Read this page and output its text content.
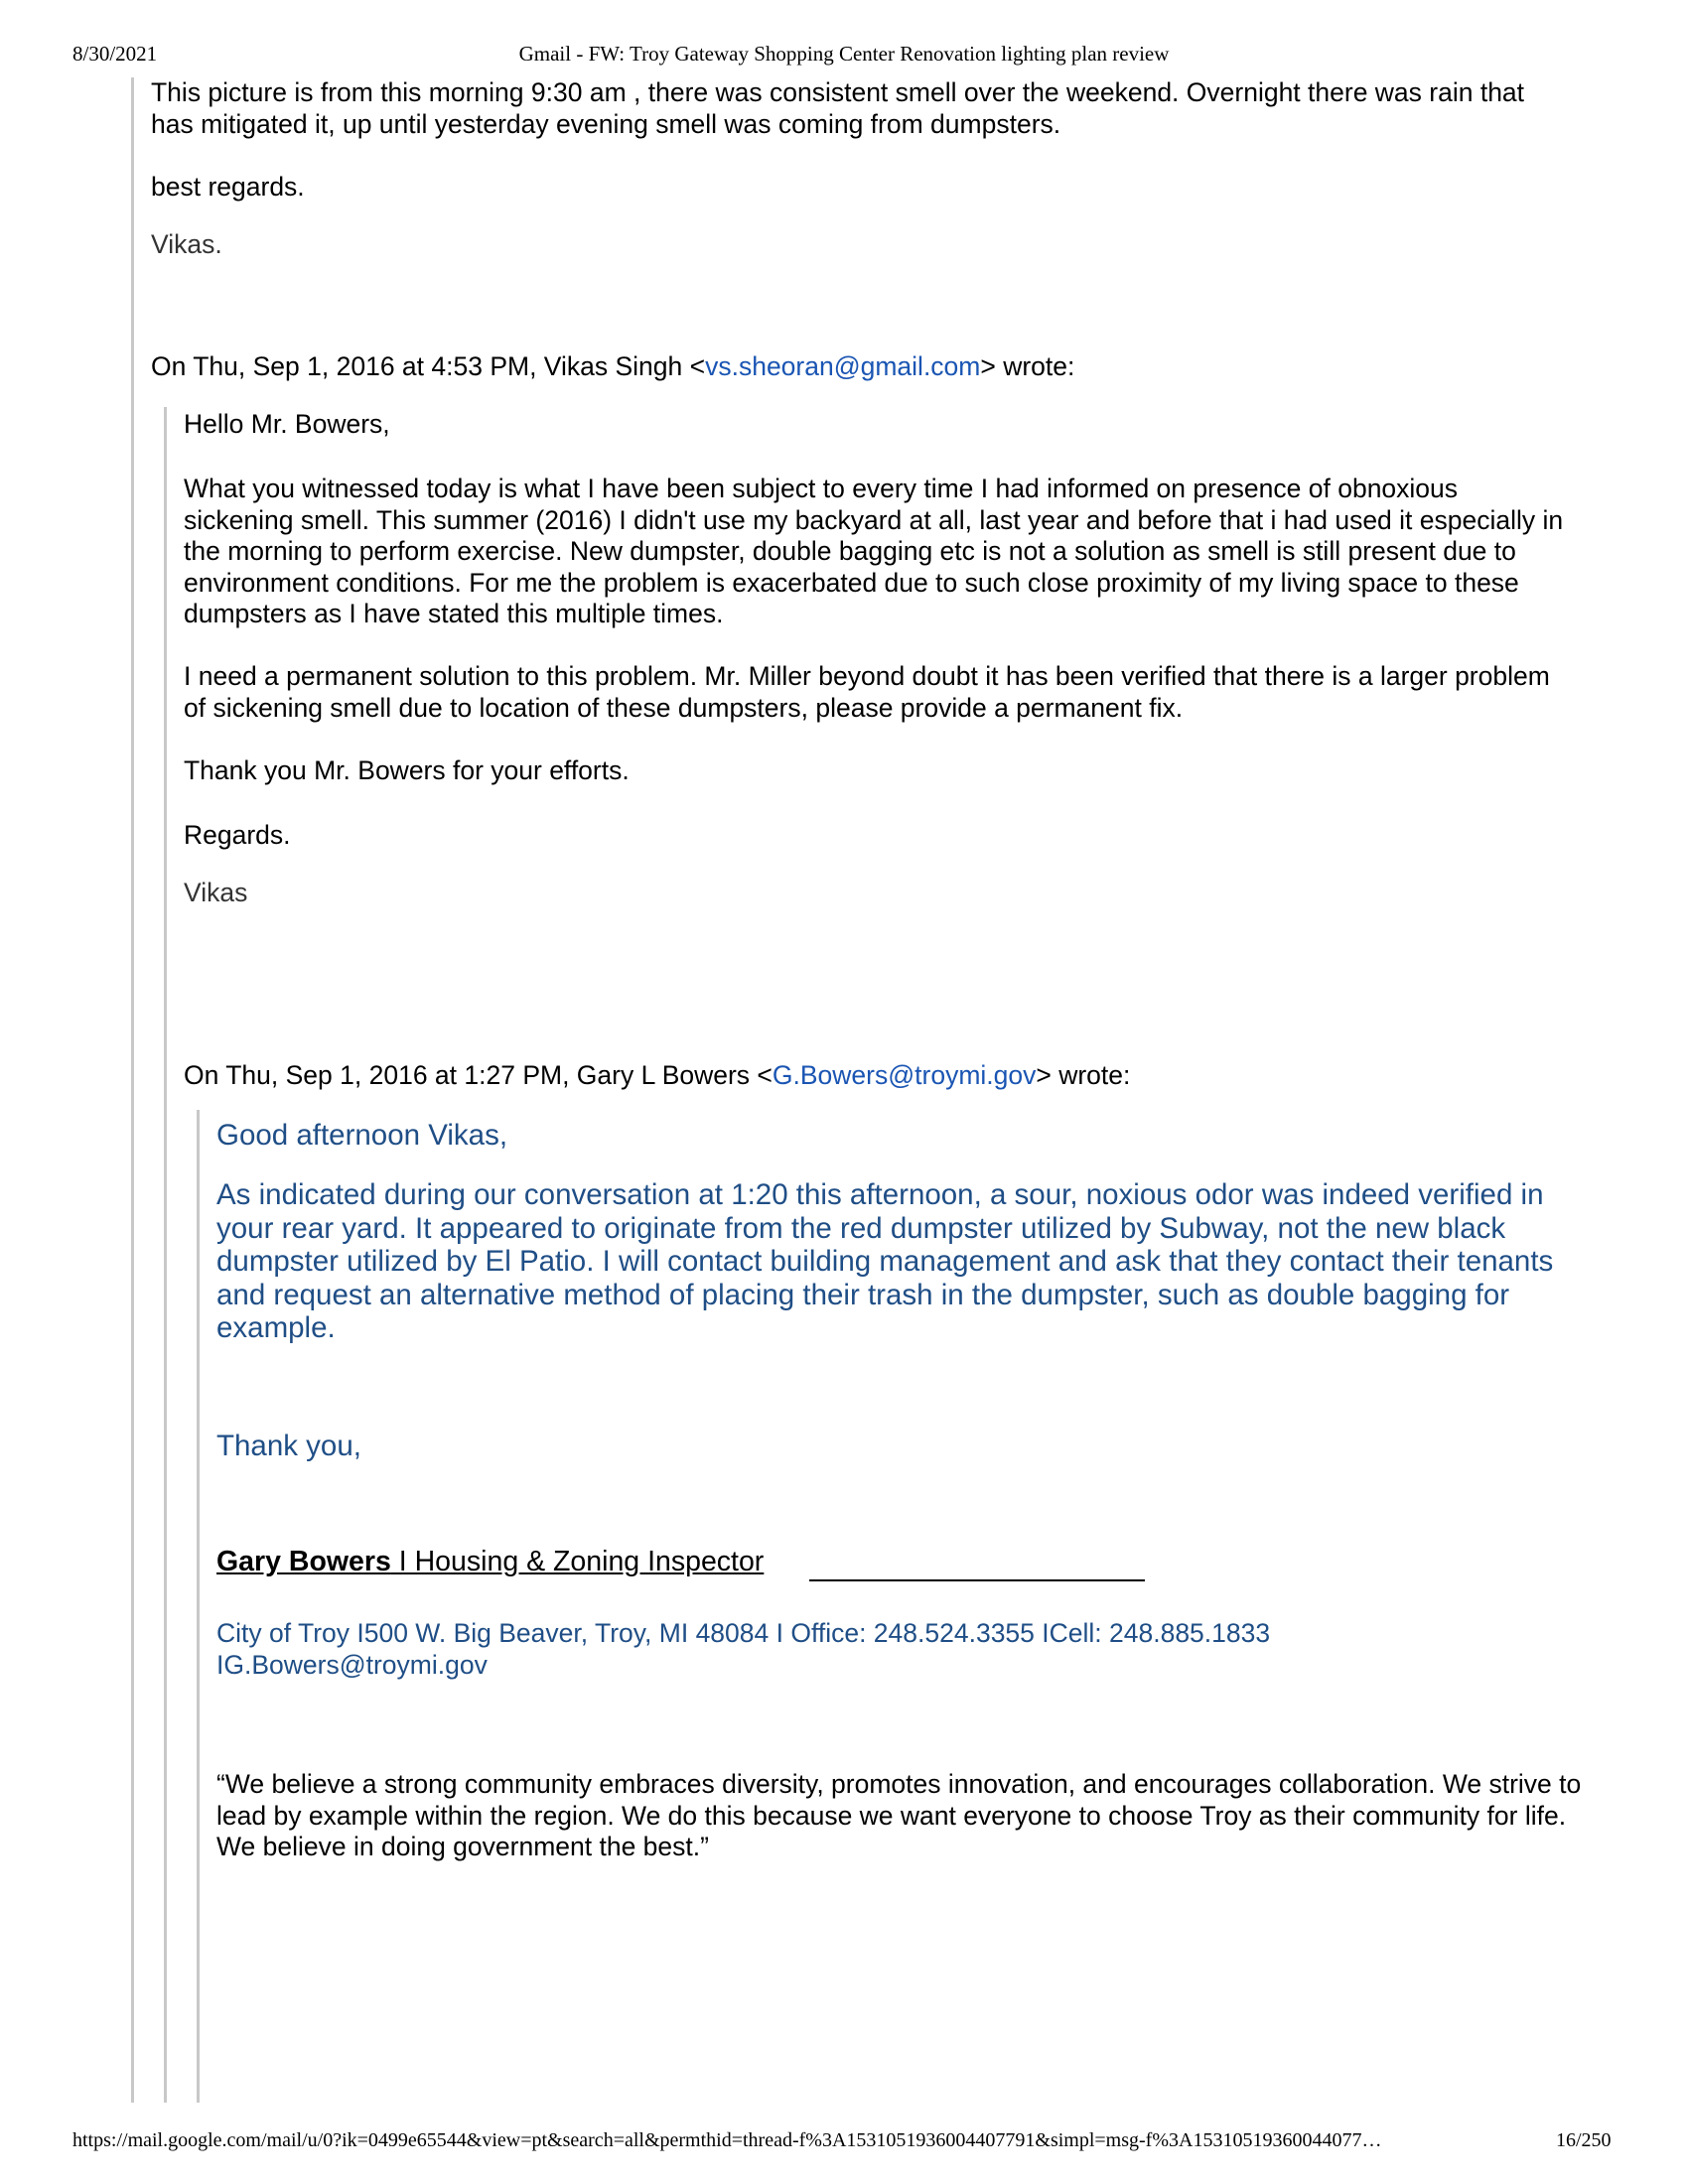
8/30/2021	Gmail - FW: Troy Gateway Shopping Center Renovation lighting plan review

This picture is from this morning 9:30 am , there was consistent smell over the weekend. Overnight there was rain that has mitigated it, up until yesterday evening smell was coming from dumpsters.

best regards.

Vikas.

On Thu, Sep 1, 2016 at 4:53 PM, Vikas Singh <vs.sheoran@gmail.com> wrote:

Hello Mr. Bowers,

What you witnessed today is what I have been subject to every time I had informed on presence of obnoxious sickening smell. This summer (2016) I didn't use my backyard at all, last year and before that i had used it especially in the morning to perform exercise. New dumpster, double bagging etc is not a solution as smell is still present due to environment conditions. For me the problem is exacerbated due to such close proximity of my living space to these dumpsters as I have stated this multiple times.

I need a permanent solution to this problem. Mr. Miller beyond doubt it has been verified that there is a larger problem of sickening smell due to location of these dumpsters, please provide a permanent fix.

Thank you Mr. Bowers for your efforts.

Regards.

Vikas

On Thu, Sep 1, 2016 at 1:27 PM, Gary L Bowers <G.Bowers@troymi.gov> wrote:

Good afternoon Vikas,

As indicated during our conversation at 1:20 this afternoon, a sour, noxious odor was indeed verified in your rear yard. It appeared to originate from the red dumpster utilized by Subway, not the new black dumpster utilized by El Patio. I will contact building management and ask that they contact their tenants and request an alternative method of placing their trash in the dumpster, such as double bagging for example.

Thank you,

Gary Bowers I Housing & Zoning Inspector

City of Troy I500 W. Big Beaver, Troy, MI 48084 I Office: 248.524.3355 ICell: 248.885.1833

IG.Bowers@troymi.gov

“We believe a strong community embraces diversity, promotes innovation, and encourages collaboration. We strive to lead by example within the region. We do this because we want everyone to choose Troy as their community for life. We believe in doing government the best.”

https://mail.google.com/mail/u/0?ik=0499e65544&view=pt&search=all&permthid=thread-f%3A1531051936004407791&simpl=msg-f%3A15310519360044077…	16/250
